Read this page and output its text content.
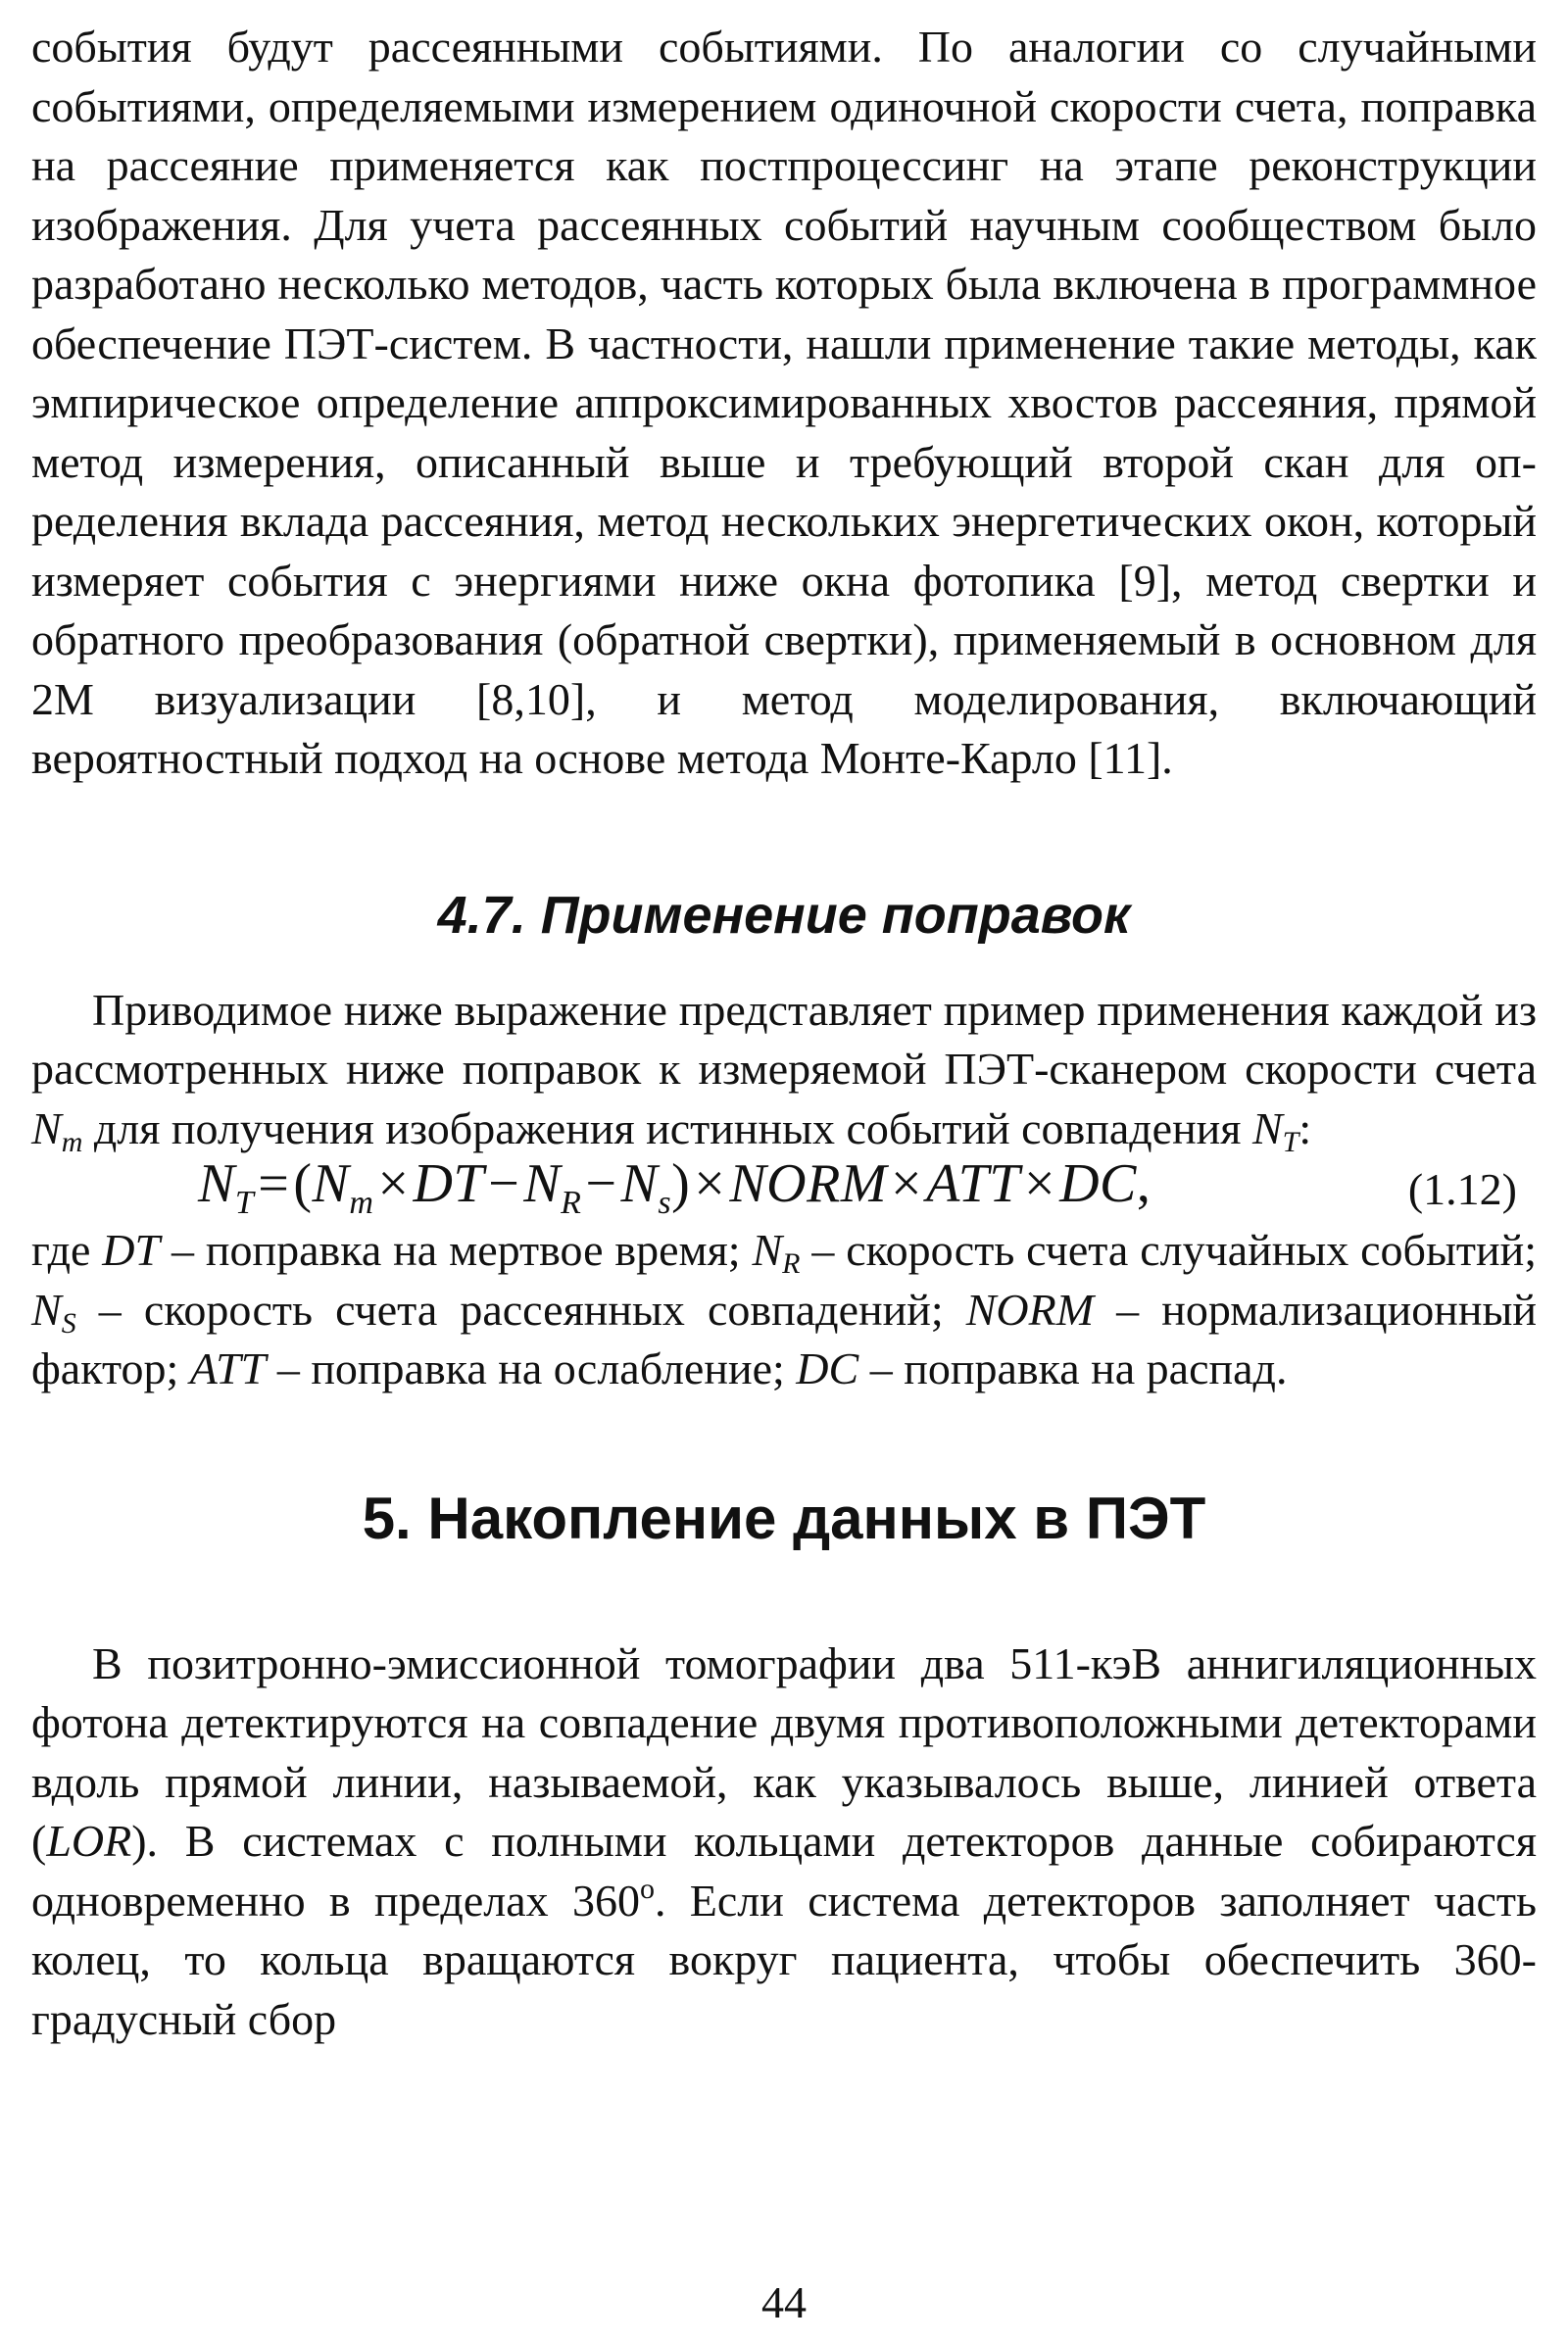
события будут рассеянными событиями. По аналогии со случайными событиями, определяемыми измерением одиночной скорости счета, поправка на рассеяние применяется как постпроцессинг на этапе реконструкции изображения. Для учета рассеянных событий научным сообществом было разработано несколько методов, часть которых была включена в программное обеспечение ПЭТ-систем. В частности, нашли применение такие методы, как эмпирическое определение аппроксимированных хвостов рассеяния, прямой метод измерения, описанный выше и требующий второй скан для определения вклада рассеяния, метод нескольких энергетических окон, который измеряет события с энергиями ниже окна фотопика [9], метод свертки и обратного преобразования (обратной свертки), применяемый в основном для 2М визуализации [8,10], и метод моделирования, включающий вероятностный подход на основе метода Монте-Карло [11].

4.7. Применение поправок

Приводимое ниже выражение представляет пример применения каждой из рассмотренных ниже поправок к измеряемой ПЭТ-сканером скорости счета $N_m$ для получения изображения истинных событий совпадения $N_T$:

$N_T=(N_m\times DT-N_R-N_s)\times NORM\times ATT\times DC$,	(1.12)

где DT – поправка на мертвое время; $N_R$ – скорость счета случайных событий; $N_S$ – скорость счета рассеянных совпадений; NORM – нормализационный фактор; ATT – поправка на ослабление; DC – поправка на распад.

5. Накопление данных в ПЭТ

В позитронно-эмиссионной томографии два 511-кэВ аннигиляционных фотона детектируются на совпадение двумя противоположными детекторами вдоль прямой линии, называемой, как указывалось выше, линией ответа (LOR). В системах с полными кольцами детекторов данные собираются одновременно в пределах 360$^o$. Если система детекторов заполняет часть колец, то кольца вращаются вокруг пациента, чтобы обеспечить 360-градусный сбор

44
